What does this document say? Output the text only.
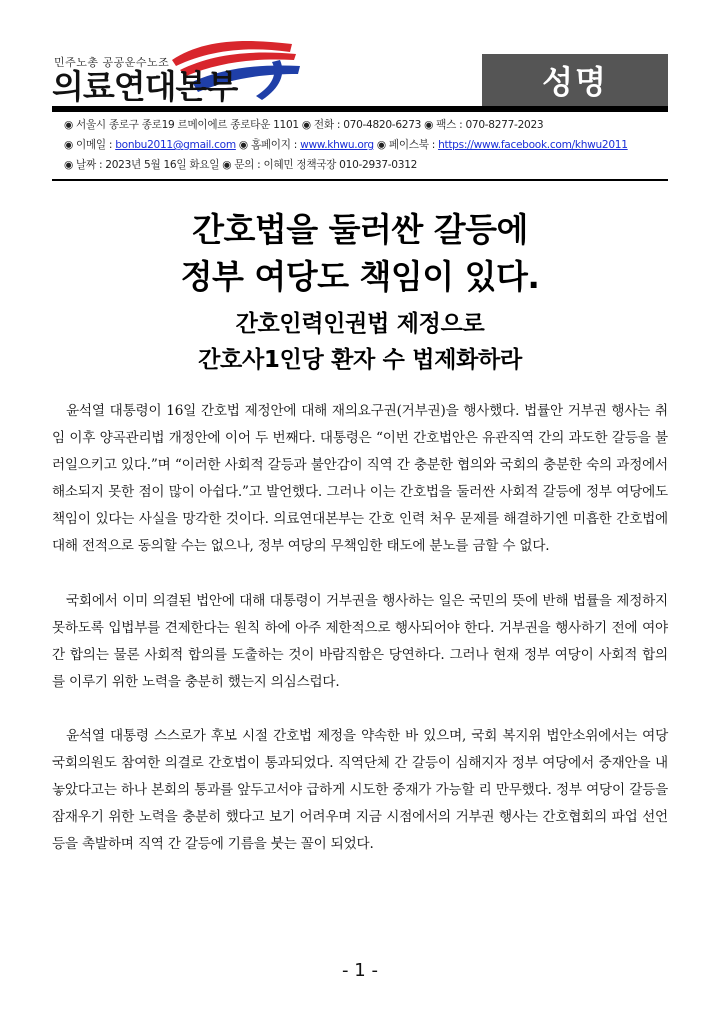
민주노총 공공운수노조
의료연대본부	성명
◉ 서울시 종로구 종로19 르메이에르 종로타운 1101 ◉ 전화 : 070-4820-6273 ◉ 팩스 : 070-8277-2023
◉ 이메일 : bonbu2011@gmail.com ◉ 홈페이지 : www.khwu.org ◉ 페이스북 : https://www.facebook.com/khwu2011
◉ 날짜 : 2023년 5월 16일 화요일 ◉ 문의 : 이혜민 정책국장 010-2937-0312
간호법을 둘러싼 갈등에
정부 여당도 책임이 있다.
간호인력인권법 제정으로
간호사1인당 환자 수 법제화하라

윤석열 대통령이 16일 간호법 제정안에 대해 재의요구권(거부권)을 행사했다. 법률안 거부권 행사는 취임 이후 양곡관리법 개정안에 이어 두 번째다. 대통령은 “이번 간호법안은 유관직역 간의 과도한 갈등을 불러일으키고 있다.”며 “이러한 사회적 갈등과 불안감이 직역 간 충분한 협의와 국회의 충분한 숙의 과정에서 해소되지 못한 점이 많이 아쉽다.”고 발언했다. 그러나 이는 간호법을 둘러싼 사회적 갈등에 정부 여당에도 책임이 있다는 사실을 망각한 것이다. 의료연대본부는 간호 인력 처우 문제를 해결하기엔 미흡한 간호법에 대해 전적으로 동의할 수는 없으나, 정부 여당의 무책임한 태도에 분노를 금할 수 없다.

국회에서 이미 의결된 법안에 대해 대통령이 거부권을 행사하는 일은 국민의 뜻에 반해 법률을 제정하지 못하도록 입법부를 견제한다는 원칙 하에 아주 제한적으로 행사되어야 한다. 거부권을 행사하기 전에 여야 간 합의는 물론 사회적 합의를 도출하는 것이 바람직함은 당연하다. 그러나 현재 정부 여당이 사회적 합의를 이루기 위한 노력을 충분히 했는지 의심스럽다.

윤석열 대통령 스스로가 후보 시절 간호법 제정을 약속한 바 있으며, 국회 복지위 법안소위에서는 여당 국회의원도 참여한 의결로 간호법이 통과되었다. 직역단체 간 갈등이 심해지자 정부 여당에서 중재안을 내놓았다고는 하나 본회의 통과를 앞두고서야 급하게 시도한 중재가 가능할 리 만무했다. 정부 여당이 갈등을 잠재우기 위한 노력을 충분히 했다고 보기 어려우며 지금 시점에서의 거부권 행사는 간호협회의 파업 선언 등을 촉발하며 직역 간 갈등에 기름을 붓는 꼴이 되었다.

- 1 -
